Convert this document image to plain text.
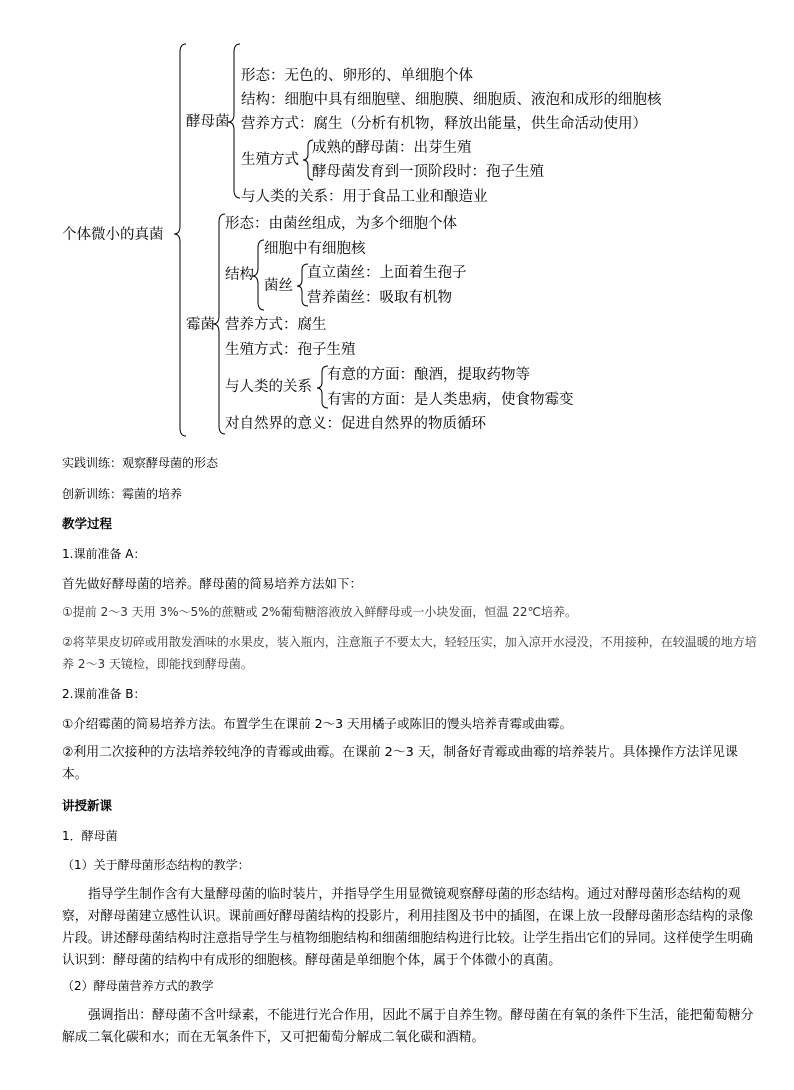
个体微小的真菌
酵母菌
形态：无色的、卵形的、单细胞个体
结构：细胞中具有细胞壁、细胞膜、细胞质、液泡和成形的细胞核
营养方式：腐生（分析有机物，释放出能量，供生命活动使用）
生殖方式
成熟的酵母菌：出芽生殖
酵母菌发育到一顶阶段时：孢子生殖
与人类的关系：用于食品工业和酿造业
霉菌
形态：由菌丝组成，为多个细胞个体
结构
细胞中有细胞核
菌丝
直立菌丝：上面着生孢子
营养菌丝：吸取有机物
营养方式：腐生
生殖方式：孢子生殖
与人类的关系
有意的方面：酿酒，提取药物等
有害的方面：是人类患病，使食物霉变
对自然界的意义：促进自然界的物质循环
实践训练：观察酵母菌的形态
创新训练：霉菌的培养
教学过程
1.课前准备 A：
首先做好酵母菌的培养。酵母菌的简易培养方法如下：
①提前 2～3 天用 3%～5%的蔗糖或 2%葡萄糖溶液放入鲜酵母或一小块发面，恒温 22℃培养。
②将苹果皮切碎或用散发酒味的水果皮，装入瓶内，注意瓶子不要太大，轻轻压实，加入凉开水浸没，不用接种，在较温暖的地方培养 2～3 天镜检，即能找到酵母菌。
2.课前准备 B：
①介绍霉菌的简易培养方法。布置学生在课前 2～3 天用橘子或陈旧的馒头培养青霉或曲霉。
②利用二次接种的方法培养较纯净的青霉或曲霉。在课前 2～3 天，制备好青霉或曲霉的培养装片。具体操作方法详见课本。
讲授新课
1．酵母菌
（1）关于酵母菌形态结构的教学：
指导学生制作含有大量酵母菌的临时装片，并指导学生用显微镜观察酵母菌的形态结构。通过对酵母菌形态结构的观察，对酵母菌建立感性认识。课前画好酵母菌结构的投影片，利用挂图及书中的插图，在课上放一段酵母菌形态结构的录像片段。讲述酵母菌结构时注意指导学生与植物细胞结构和细菌细胞结构进行比较。让学生指出它们的异同。这样使学生明确认识到：酵母菌的结构中有成形的细胞核。酵母菌是单细胞个体，属于个体微小的真菌。
（2）酵母菌营养方式的教学
强调指出：酵母菌不含叶绿素，不能进行光合作用，因此不属于自养生物。酵母菌在有氧的条件下生活，能把葡萄糖分解成二氧化碳和水；而在无氧条件下，又可把葡萄分解成二氧化碳和酒精。
